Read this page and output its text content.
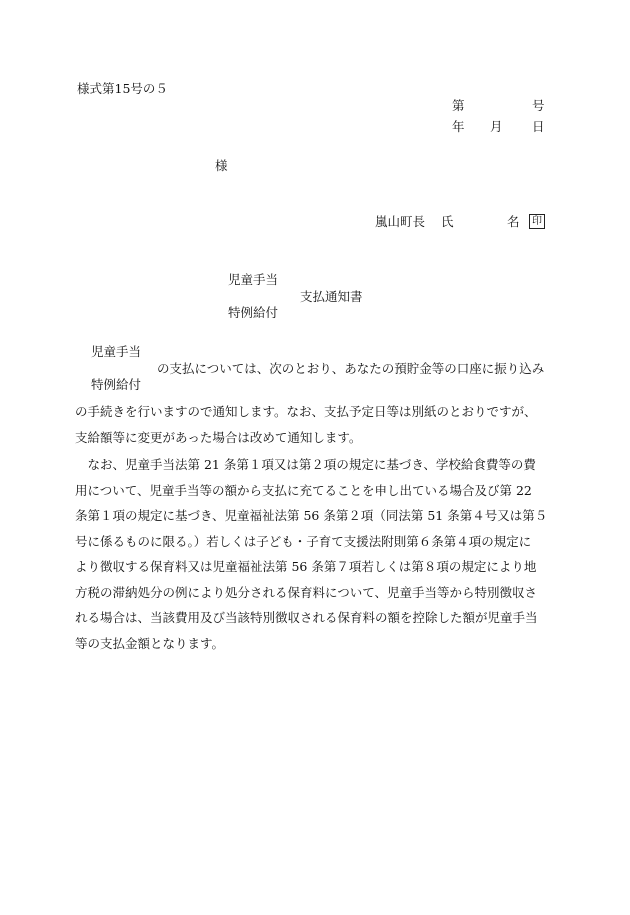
様式第15号の５
第	号
年 月 日
様
嵐山町長 氏	名	印
児童手当
支払通知書
特例給付
児童手当
の支払については、次のとおり、あなたの預貯金等の口座に振り込み
特例給付
の手続きを行いますので通知します。なお、支払予定日等は別紙のとおりですが、
支給額等に変更があった場合は改めて通知します。
　なお、児童手当法第 21 条第１項又は第２項の規定に基づき、学校給食費等の費
用について、児童手当等の額から支払に充てることを申し出ている場合及び第 22
条第１項の規定に基づき、児童福祉法第 56 条第２項（同法第 51 条第４号又は第５
号に係るものに限る。）若しくは子ども・子育て支援法附則第６条第４項の規定に
より徴収する保育料又は児童福祉法第 56 条第７項若しくは第８項の規定により地
方税の滞納処分の例により処分される保育料について、児童手当等から特別徴収さ
れる場合は、当該費用及び当該特別徴収される保育料の額を控除した額が児童手当
等の支払金額となります。
